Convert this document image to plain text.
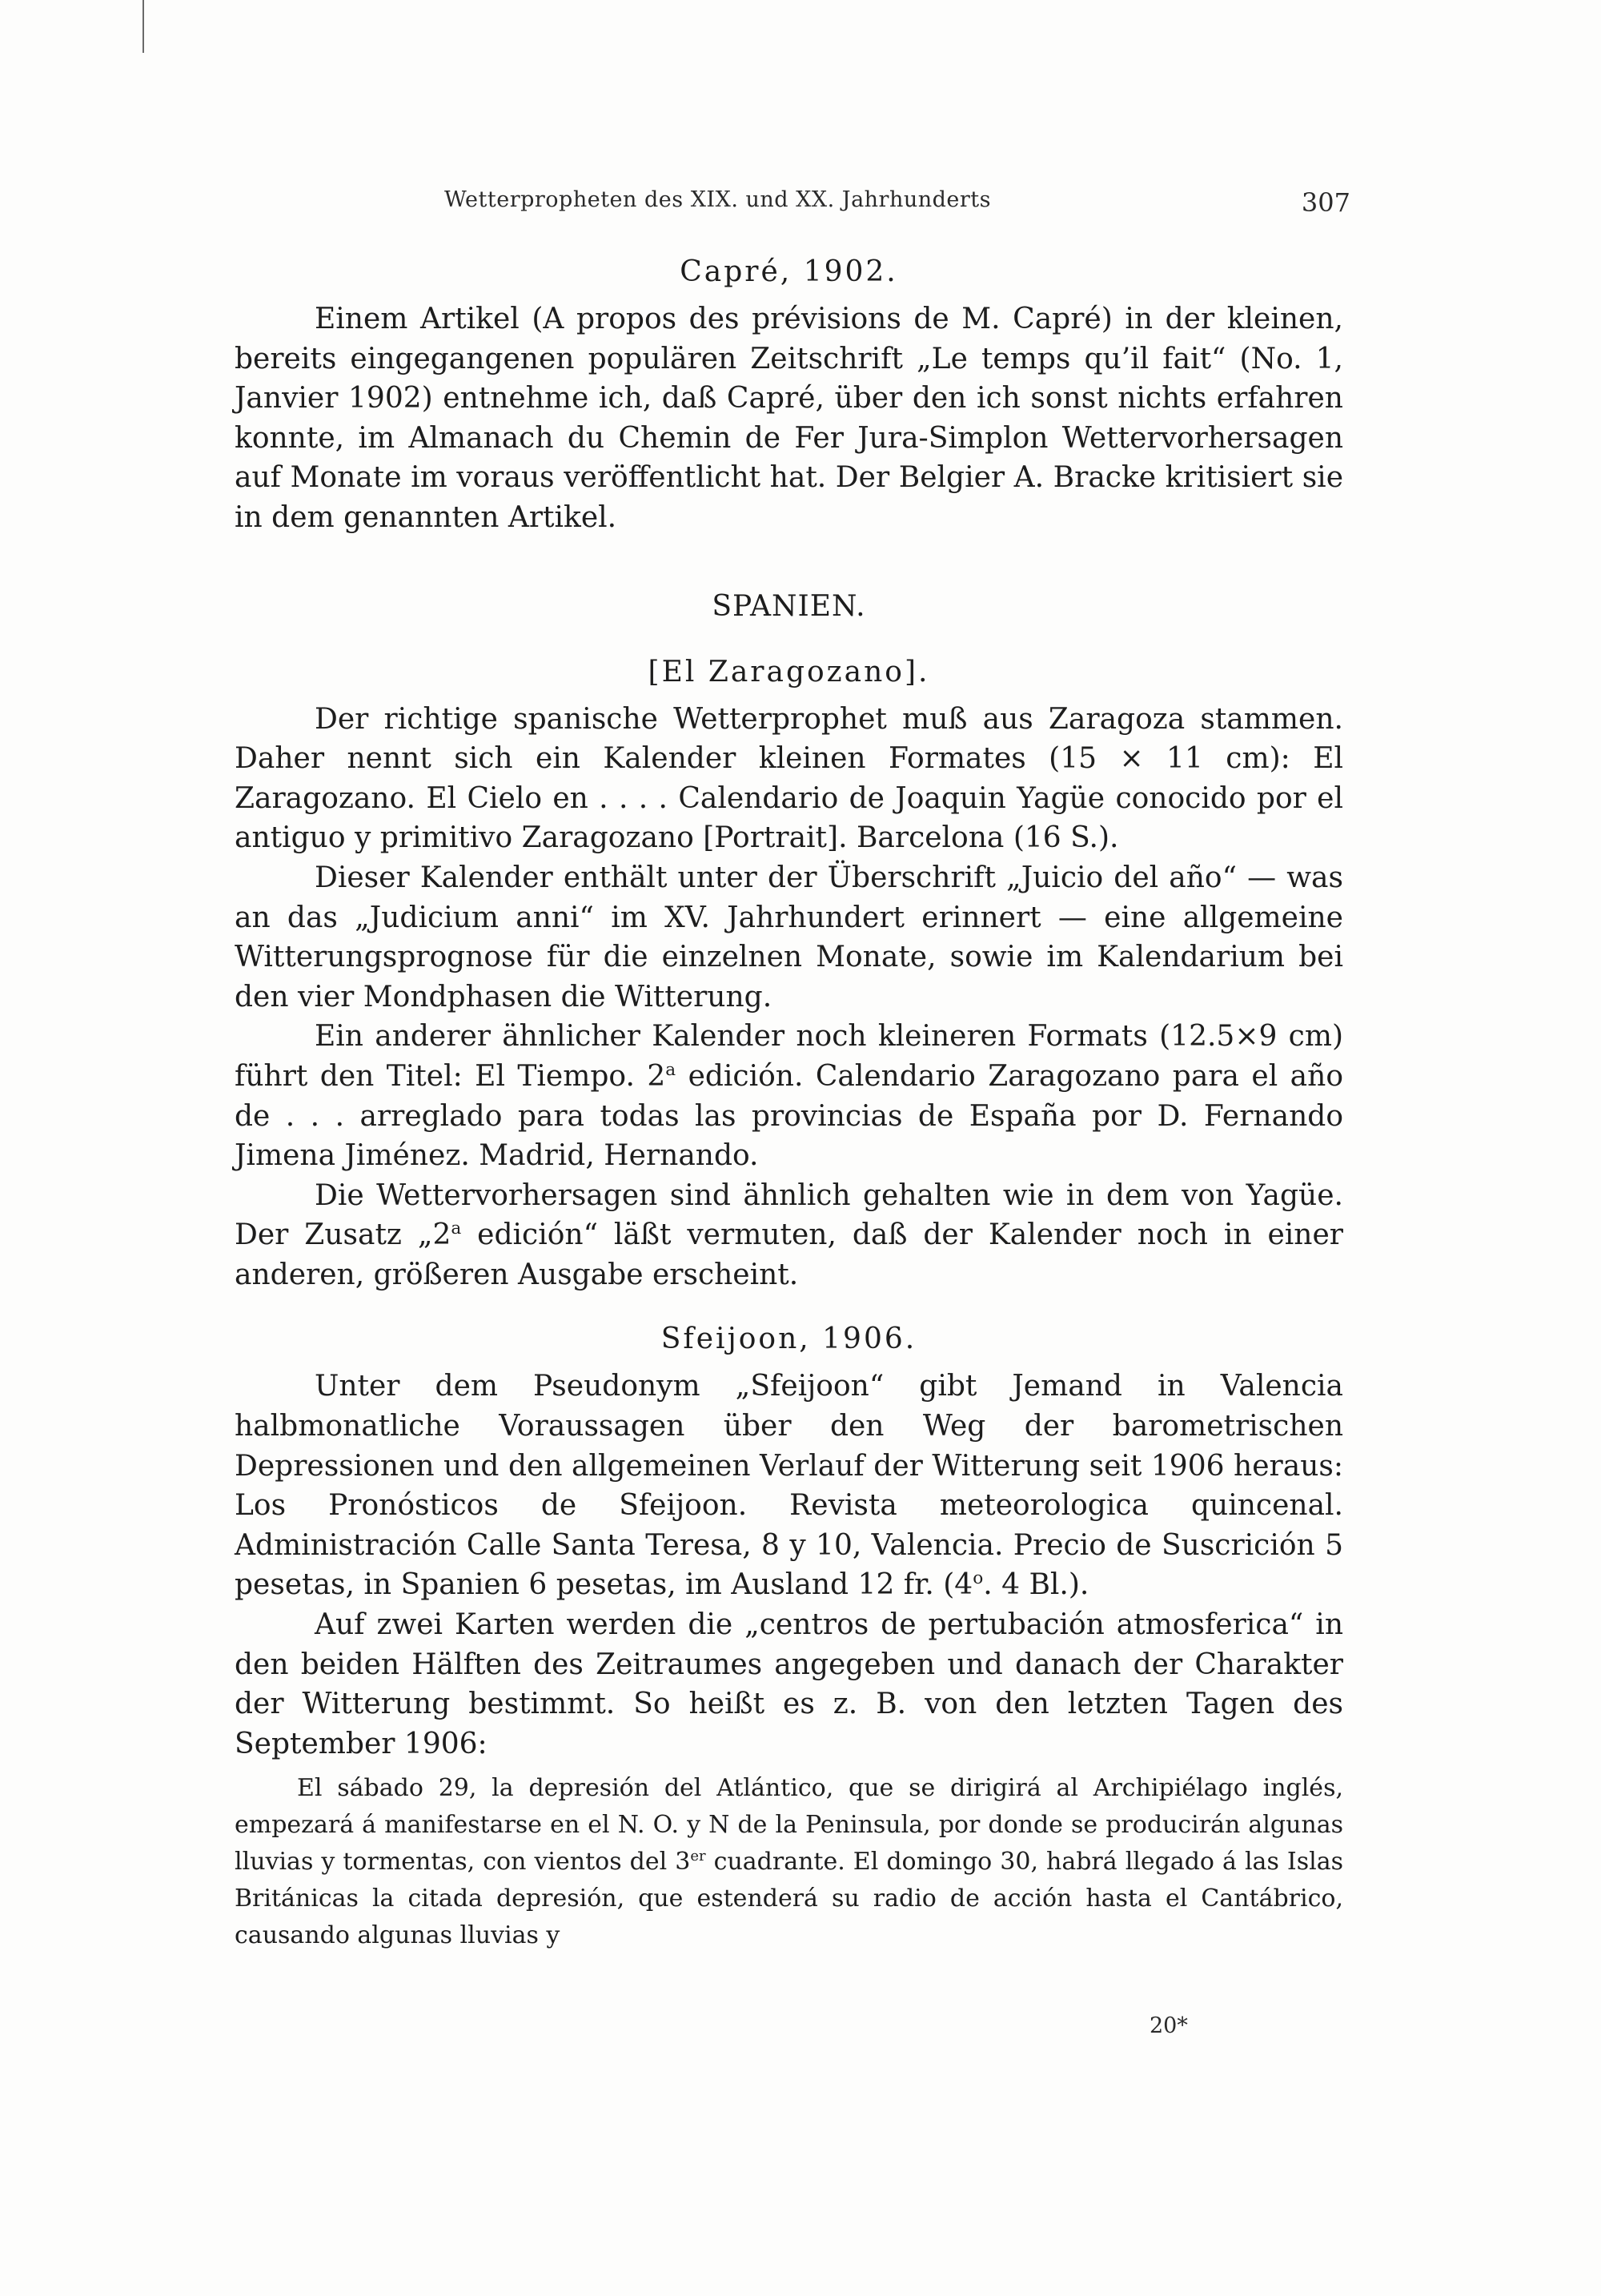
Wetterpropheten des XIX. und XX. Jahrhunderts	307

Capré, 1902.

Einem Artikel (A propos des prévisions de M. Capré) in der kleinen, bereits eingegangenen populären Zeitschrift „Le temps qu’il fait“ (No. 1, Janvier 1902) entnehme ich, daß Capré, über den ich sonst nichts erfahren konnte, im Almanach du Chemin de Fer Jura-Simplon Wettervorhersagen auf Monate im voraus veröffentlicht hat. Der Belgier A. Bracke kritisiert sie in dem genannten Artikel.

SPANIEN.

[El Zaragozano].

Der richtige spanische Wetterprophet muß aus Zaragoza stammen. Daher nennt sich ein Kalender kleinen Formates (15 × 11 cm): El Zaragozano. El Cielo en . . . . Calendario de Joaquin Yagüe conocido por el antiguo y primitivo Zaragozano [Portrait]. Barcelona (16 S.).

Dieser Kalender enthält unter der Überschrift „Juicio del año“ — was an das „Judicium anni“ im XV. Jahrhundert erinnert — eine allgemeine Witterungsprognose für die einzelnen Monate, sowie im Kalendarium bei den vier Mondphasen die Witterung.

Ein anderer ähnlicher Kalender noch kleineren Formats (12.5×9 cm) führt den Titel: El Tiempo. 2$^a$ edición. Calendario Zaragozano para el año de . . . arreglado para todas las provincias de España por D. Fernando Jimena Jiménez. Madrid, Hernando.

Die Wettervorhersagen sind ähnlich gehalten wie in dem von Yagüe. Der Zusatz „2$^a$ edición“ läßt vermuten, daß der Kalender noch in einer anderen, größeren Ausgabe erscheint.

Sfeijoon, 1906.

Unter dem Pseudonym „Sfeijoon“ gibt Jemand in Valencia halbmonatliche Voraussagen über den Weg der barometrischen Depressionen und den allgemeinen Verlauf der Witterung seit 1906 heraus: Los Pronósticos de Sfeijoon. Revista meteorologica quincenal. Administración Calle Santa Teresa, 8 y 10, Valencia. Precio de Suscrición 5 pesetas, in Spanien 6 pesetas, im Ausland 12 fr. (4$^o$. 4 Bl.).

Auf zwei Karten werden die „centros de pertubación atmosferica“ in den beiden Hälften des Zeitraumes angegeben und danach der Charakter der Witterung bestimmt. So heißt es z. B. von den letzten Tagen des September 1906:

El sábado 29, la depresión del Atlántico, que se dirigirá al Archipiélago inglés, empezará á manifestarse en el N. O. y N de la Peninsula, por donde se producirán algunas lluvias y tormentas, con vientos del 3er cuadrante. El domingo 30, habrá llegado á las Islas Británicas la citada depresión, que estenderá su radio de acción hasta el Cantábrico, causando algunas lluvias y

20*
